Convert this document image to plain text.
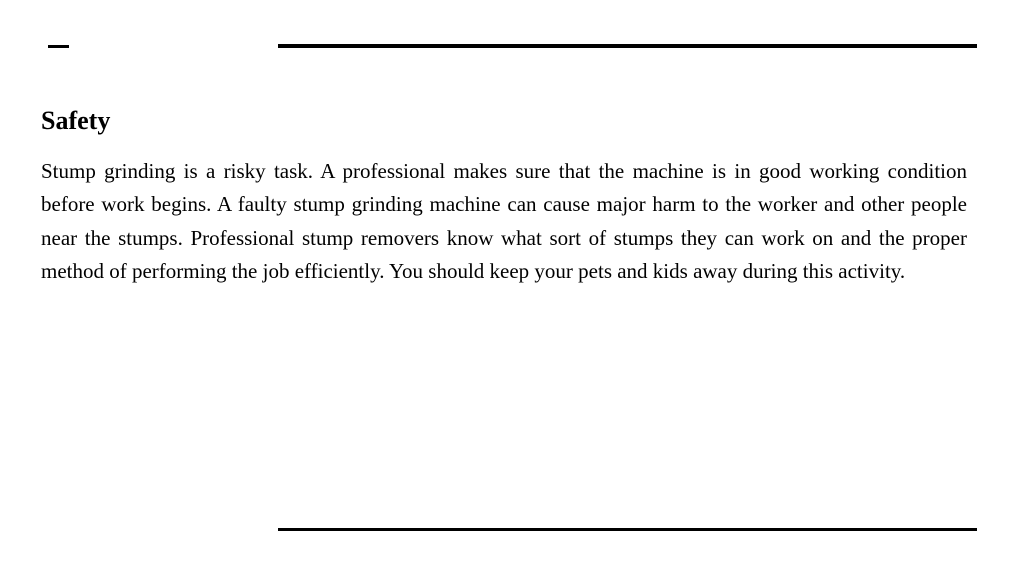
Safety

Stump grinding is a risky task. A professional makes sure that the machine is in good working condition before work begins. A faulty stump grinding machine can cause major harm to the worker and other people near the stumps. Professional stump removers know what sort of stumps they can work on and the proper method of performing the job efficiently. You should keep your pets and kids away during this activity.
